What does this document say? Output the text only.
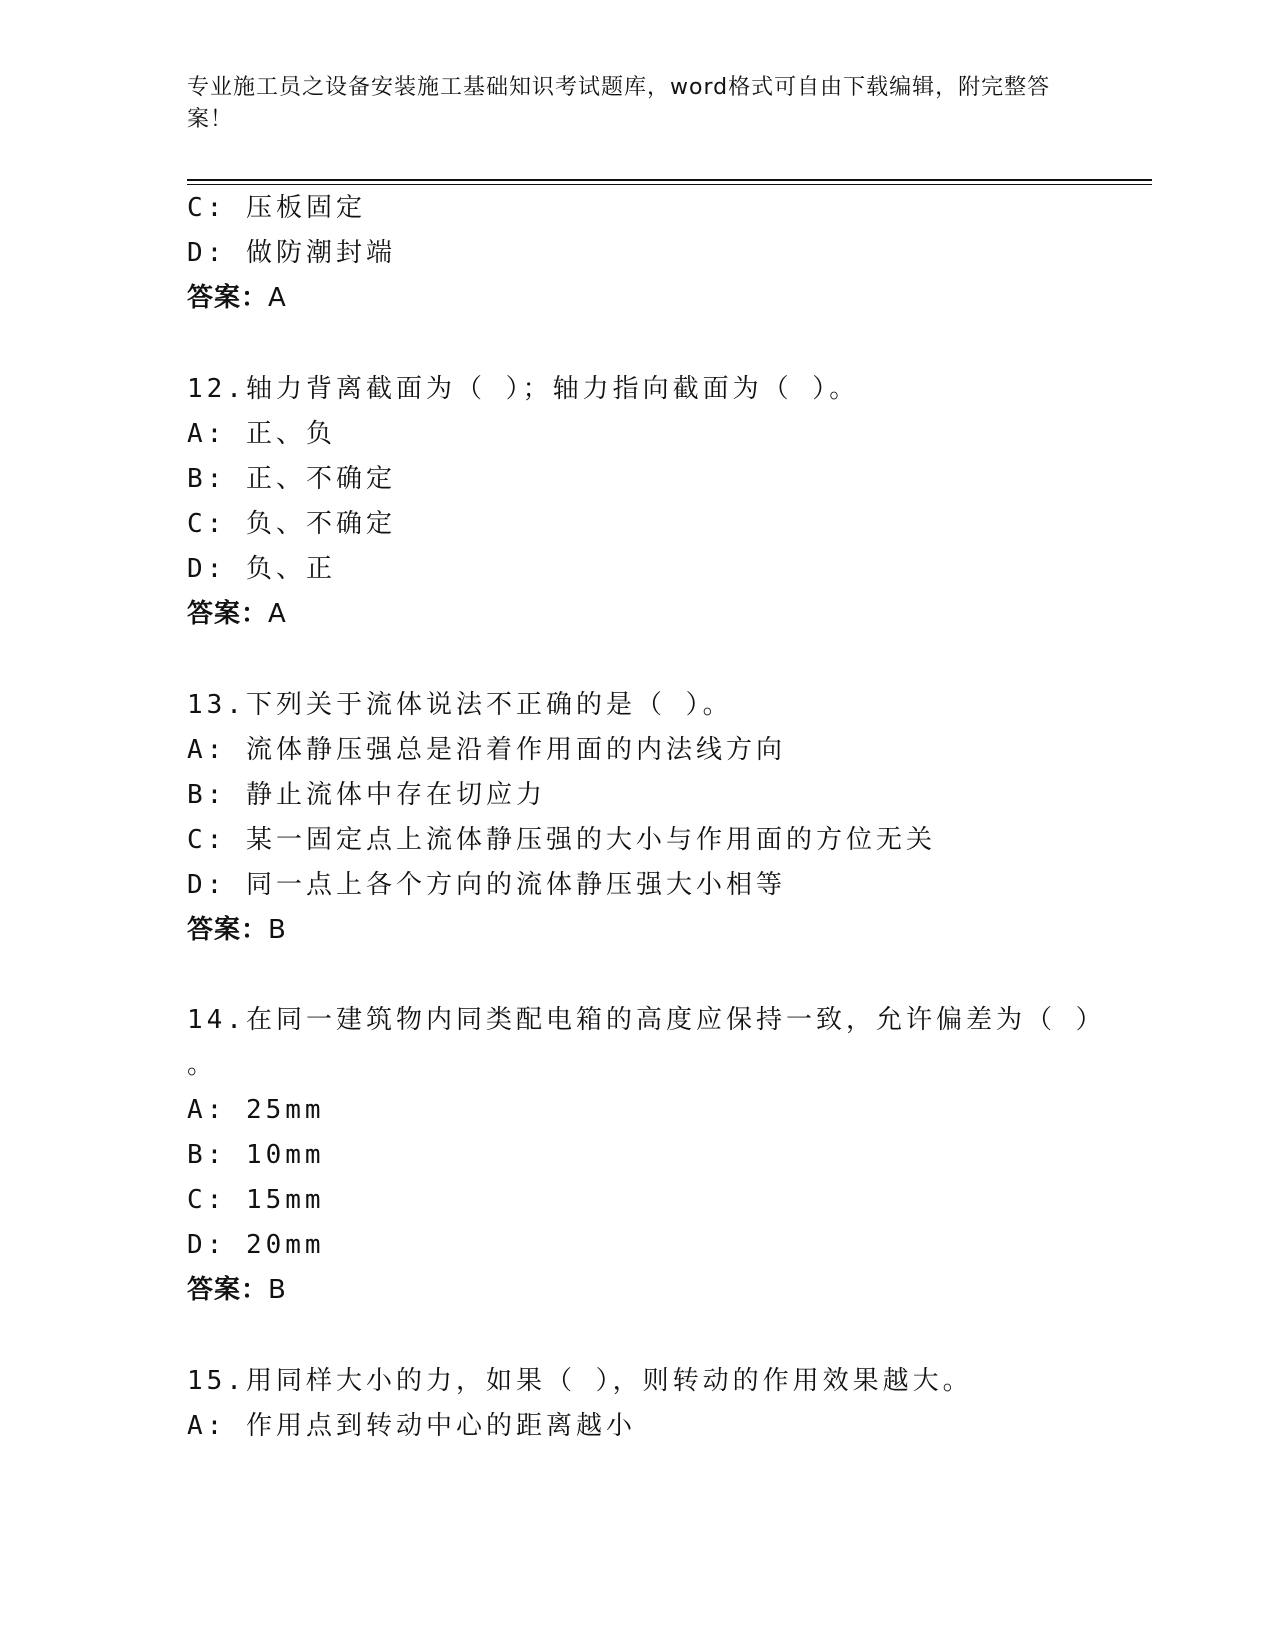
专业施工员之设备安装施工基础知识考试题库，word格式可自由下载编辑，附完整答案！
C: 压板固定
D: 做防潮封端
答案：A
12.轴力背离截面为（ ）；轴力指向截面为（ ）。
A: 正、负
B: 正、不确定
C: 负、不确定
D: 负、正
答案：A
13.下列关于流体说法不正确的是（ ）。
A: 流体静压强总是沿着作用面的内法线方向
B: 静止流体中存在切应力
C: 某一固定点上流体静压强的大小与作用面的方位无关
D: 同一点上各个方向的流体静压强大小相等
答案：B
14.在同一建筑物内同类配电箱的高度应保持一致，允许偏差为（ ）
。
A: 25mm
B: 10mm
C: 15mm
D: 20mm
答案：B
15.用同样大小的力，如果（ ），则转动的作用效果越大。
A: 作用点到转动中心的距离越小
